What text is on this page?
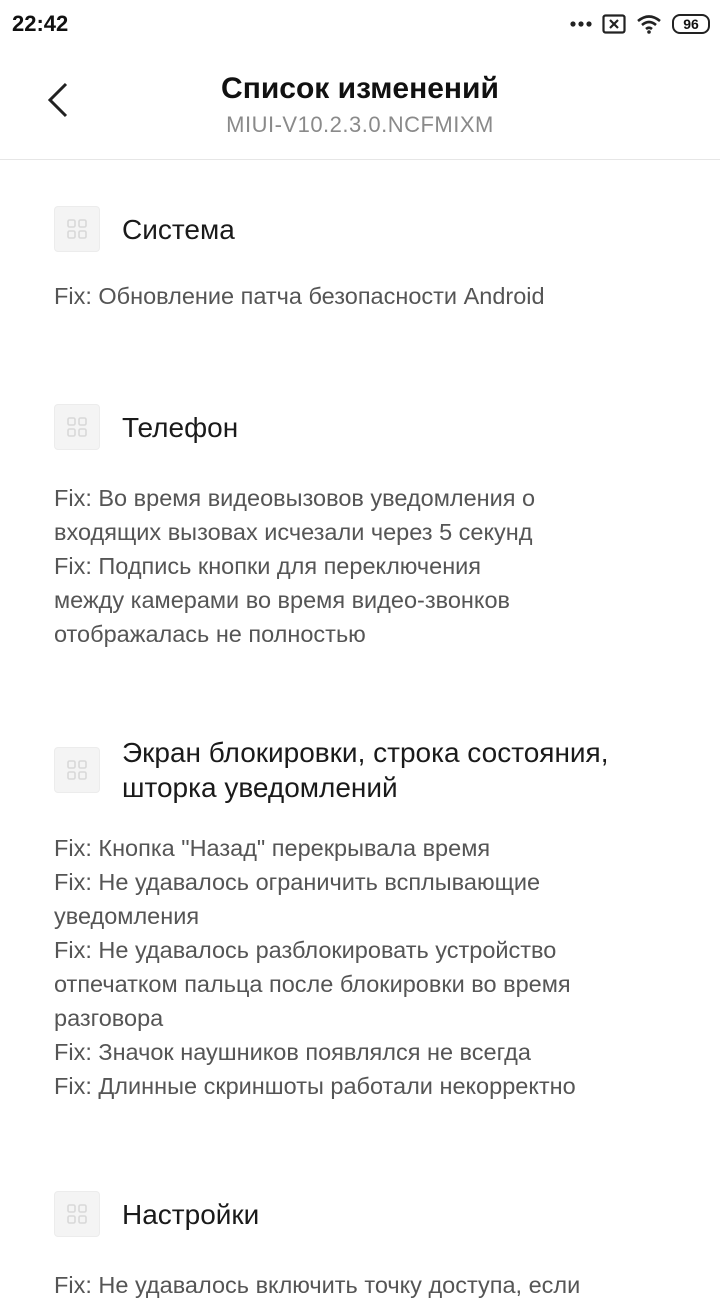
22:42	96
Список изменений
MIUI-V10.2.3.0.NCFMIXM
Система
Fix: Обновление патча безопасности Android
Телефон
Fix: Во время видеовызовов уведомления о
входящих вызовах исчезали через 5 секунд
Fix: Подпись кнопки для переключения
между камерами во время видео-звонков
отображалась не полностью
Экран блокировки, строка состояния,
шторка уведомлений
Fix: Кнопка "Назад" перекрывала время
Fix: Не удавалось ограничить всплывающие
уведомления
Fix: Не удавалось разблокировать устройство
отпечатком пальца после блокировки во время
разговора
Fix: Значок наушников появлялся не всегда
Fix: Длинные скриншоты работали некорректно
Настройки
Fix: Не удавалось включить точку доступа, если
